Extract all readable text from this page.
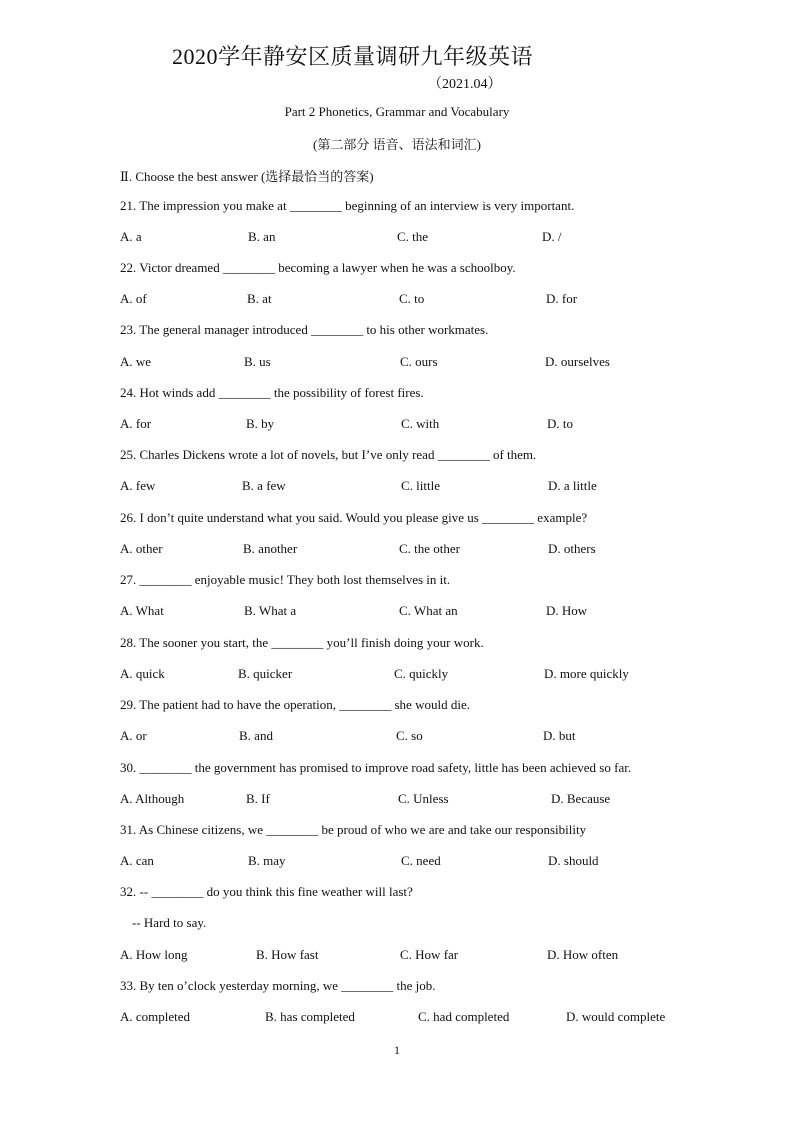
2020学年静安区质量调研九年级英语
（2021.04）
Part 2 Phonetics, Grammar and Vocabulary
(第二部分 语音、语法和词汇)
Ⅱ. Choose the best answer (选择最恰当的答案)
21. The impression you make at ________ beginning of an interview is very important.
A. a	B. an	C. the	D. /
22. Victor dreamed ________ becoming a lawyer when he was a schoolboy.
A. of	B. at	C. to	D. for
23. The general manager introduced ________ to his other workmates.
A. we	B. us	C. ours	D. ourselves
24. Hot winds add ________ the possibility of forest fires.
A. for	B. by	C. with	D. to
25. Charles Dickens wrote a lot of novels, but I’ve only read ________ of them.
A. few	B. a few	C. little	D. a little
26. I don’t quite understand what you said. Would you please give us ________ example?
A. other	B. another	C. the other	D. others
27. ________ enjoyable music! They both lost themselves in it.
A. What	B. What a	C. What an	D. How
28. The sooner you start, the ________ you’ll finish doing your work.
A. quick	B. quicker	C. quickly	D. more quickly
29. The patient had to have the operation, ________ she would die.
A. or	B. and	C. so	D. but
30. ________ the government has promised to improve road safety, little has been achieved so far.
A. Although	B. If	C. Unless	D. Because
31. As Chinese citizens, we ________ be proud of who we are and take our responsibility
A. can	B. may	C. need	D. should
32. -- ________ do you think this fine weather will last?
-- Hard to say.
A. How long	B. How fast	C. How far	D. How often
33. By ten o’clock yesterday morning, we ________ the job.
A. completed	B. has completed	C. had completed	D. would complete
1
